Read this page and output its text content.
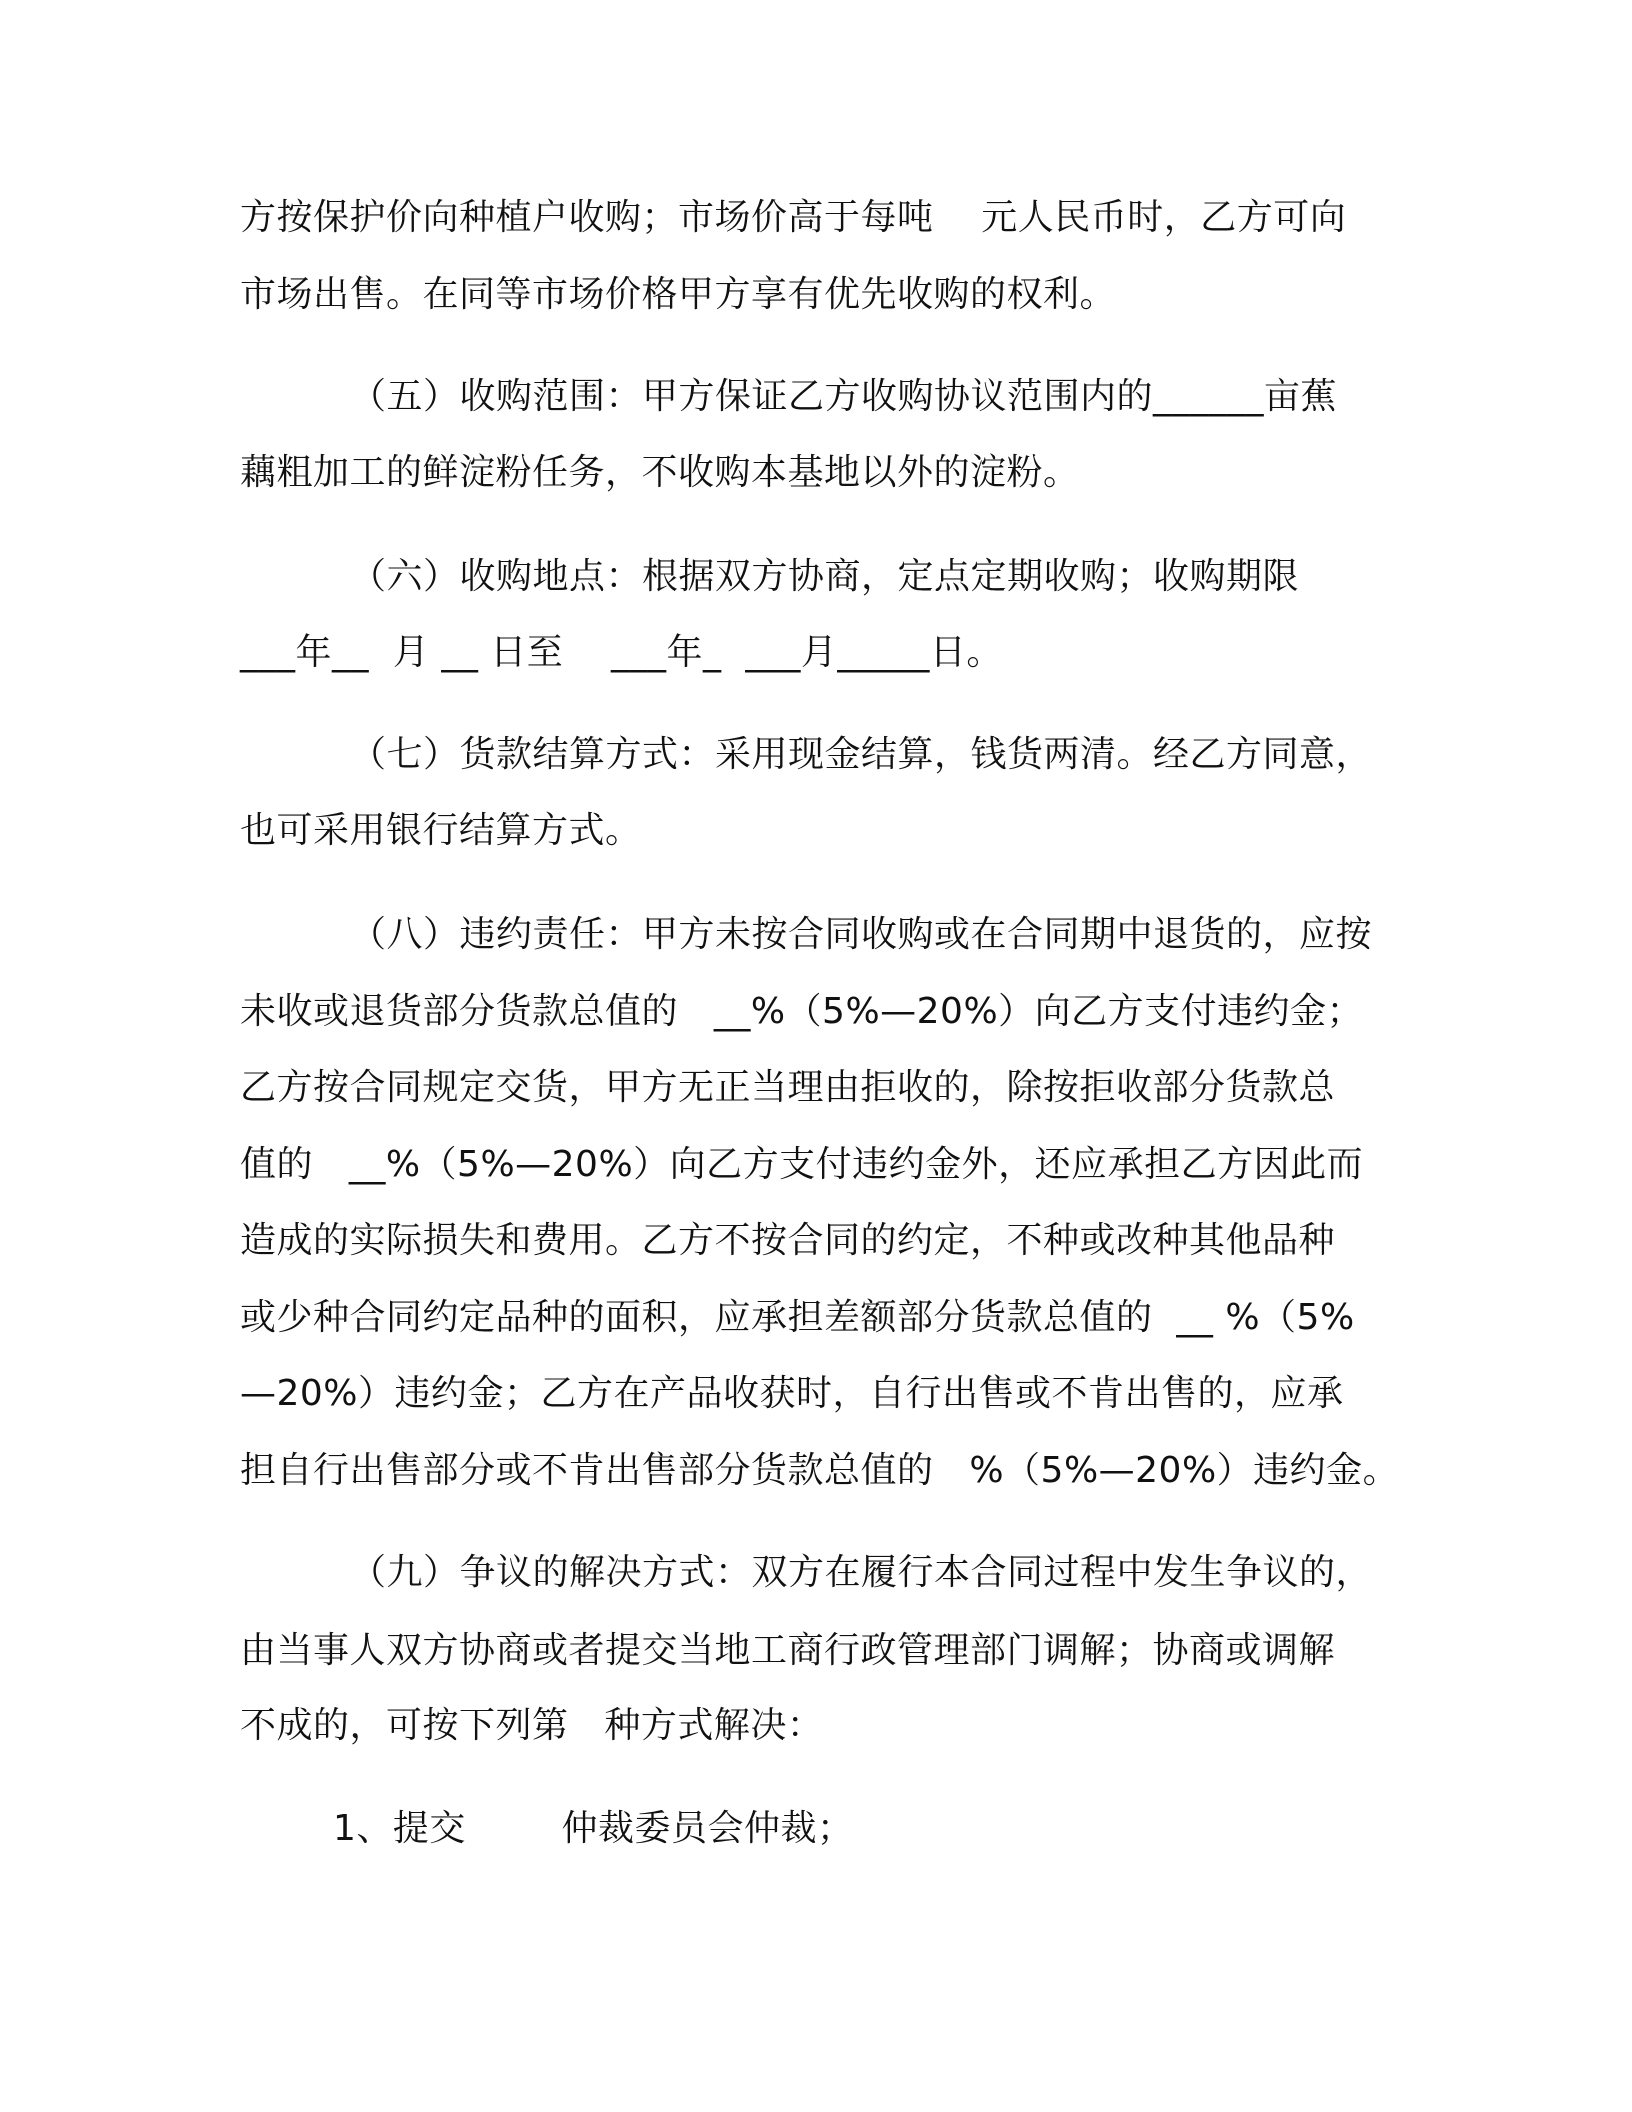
方按保护价向种植户收购；市场价高于每吨    元人民币时，乙方可向
市场出售。在同等市场价格甲方享有优先收购的权利。
（五）收购范围：甲方保证乙方收购协议范围内的______亩蕉
藕粗加工的鲜淀粉任务，不收购本基地以外的淀粉。
（六）收购地点：根据双方协商，定点定期收购；收购期限
___年__  月 __ 日至    ___年_  ___月_____日。
（七）货款结算方式：采用现金结算，钱货两清。经乙方同意，
也可采用银行结算方式。
（八）违约责任：甲方未按合同收购或在合同期中退货的，应按
未收或退货部分货款总值的   __%（5%—20%）向乙方支付违约金；
乙方按合同规定交货，甲方无正当理由拒收的，除按拒收部分货款总
值的   __%（5%—20%）向乙方支付违约金外，还应承担乙方因此而
造成的实际损失和费用。乙方不按合同的约定，不种或改种其他品种
或少种合同约定品种的面积，应承担差额部分货款总值的  __ %（5%
—20%）违约金；乙方在产品收获时，自行出售或不肯出售的，应承
担自行出售部分或不肯出售部分货款总值的   %（5%—20%）违约金。
（九）争议的解决方式：双方在履行本合同过程中发生争议的，
由当事人双方协商或者提交当地工商行政管理部门调解；协商或调解
不成的，可按下列第   种方式解决：
1、提交        仲裁委员会仲裁；
